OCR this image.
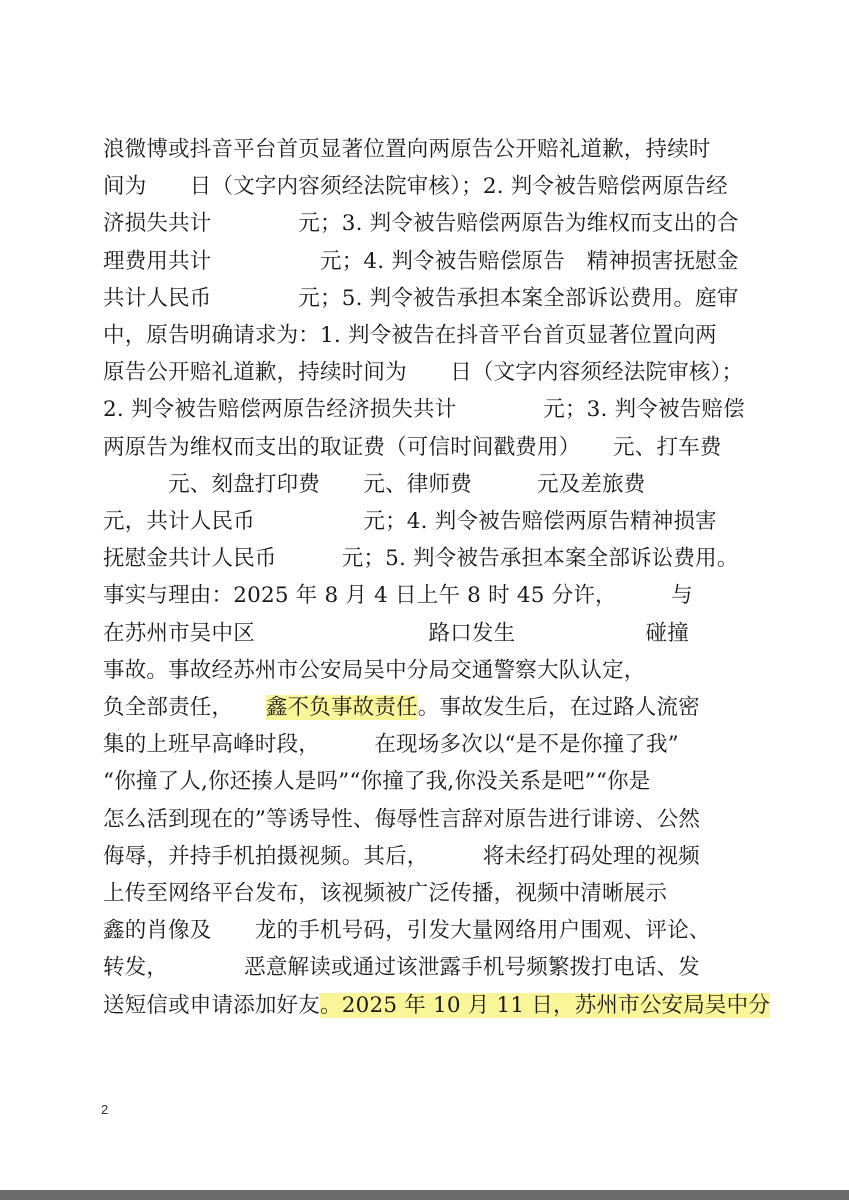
浪微博或抖音平台首页显著位置向两原告公开赔礼道歉，持续时
间为　　日（文字内容须经法院审核）；2. 判令被告赔偿两原告经
济损失共计　　　　元；3. 判令被告赔偿两原告为维权而支出的合
理费用共计　　　　　元；4. 判令被告赔偿原告　精神损害抚慰金
共计人民币　　　　元；5. 判令被告承担本案全部诉讼费用。庭审
中，原告明确请求为：1. 判令被告在抖音平台首页显著位置向两
原告公开赔礼道歉，持续时间为　　日（文字内容须经法院审核）；
2. 判令被告赔偿两原告经济损失共计　　　　元；3. 判令被告赔偿
两原告为维权而支出的取证费（可信时间戳费用）　　元、打车费
　　　元、刻盘打印费　　元、律师费　　　元及差旅费
元，共计人民币　　　　　元；4. 判令被告赔偿两原告精神损害
抚慰金共计人民币　　　元；5. 判令被告承担本案全部诉讼费用。
事实与理由：2025 年 8 月 4 日上午 8 时 45 分许，　　　与
在苏州市吴中区　　　　　　　　路口发生　　　　　　碰撞
事故。事故经苏州市公安局吴中分局交通警察大队认定，
负全部责任，　　鑫不负事故责任。事故发生后，在过路人流密
集的上班早高峰时段，　　　在现场多次以“是不是你撞了我”
“你撞了人,你还揍人是吗”“你撞了我,你没关系是吧”“你是
怎么活到现在的”等诱导性、侮辱性言辞对原告进行诽谤、公然
侮辱，并持手机拍摄视频。其后，　　　将未经打码处理的视频
上传至网络平台发布，该视频被广泛传播，视频中清晰展示
鑫的肖像及　　龙的手机号码，引发大量网络用户围观、评论、
转发，　　　　恶意解读或通过该泄露手机号频繁拨打电话、发
送短信或申请添加好友。2025 年 10 月 11 日，苏州市公安局吴中分
2
